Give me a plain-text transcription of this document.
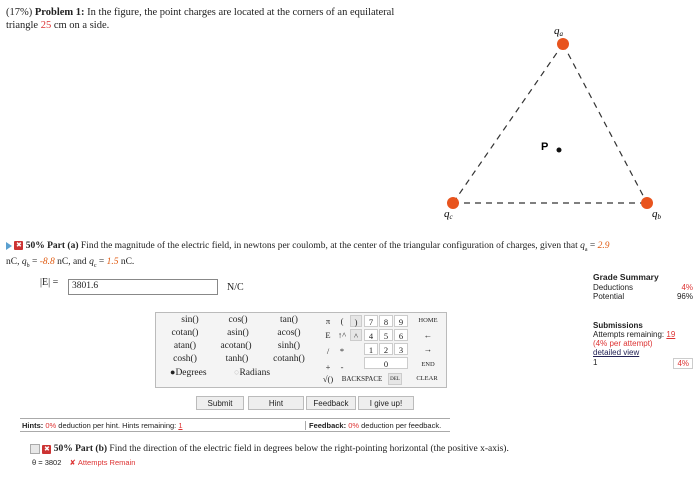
(17%) Problem 1: In the figure, the point charges are located at the corners of an equilateral
triangle 25 cm on a side.	qa
qb
qc
P
✖ 50% Part (a) Find the magnitude of the electric field, in newtons per coulomb, at the center of the triangular configuration of charges, given that $q_a = 2.9$
nC, $q_b = -8.8$ nC, and $q_c = 1.5$ nC.
|E| =	3801.6	N/C
sin()	cos()	tan()
cotan()	asin()	acos()
atan()	acotan()	sinh()
cosh()	tanh()	cotanh()
●Degrees	○Radians
π
E
/
+
(
↑^
*
-
)
^
7	8	9
4	5	6
1	2	3
0
√()	BACKSPACE	DEL
HOME
←
→
END
CLEAR
Grade Summary
Deductions	4%
Potential	96%
Submissions
Attempts remaining: 19
(4% per attempt)
detailed view
1	4%
Submit	Hint	Feedback	I give up!
Hints: 0% deduction per hint. Hints remaining: 1	Feedback: 0% deduction per feedback.
✖ 50% Part (b) Find the direction of the electric field in degrees below the right-pointing horizontal (the positive x-axis).
θ = 3802 ✘ Attempts Remain
